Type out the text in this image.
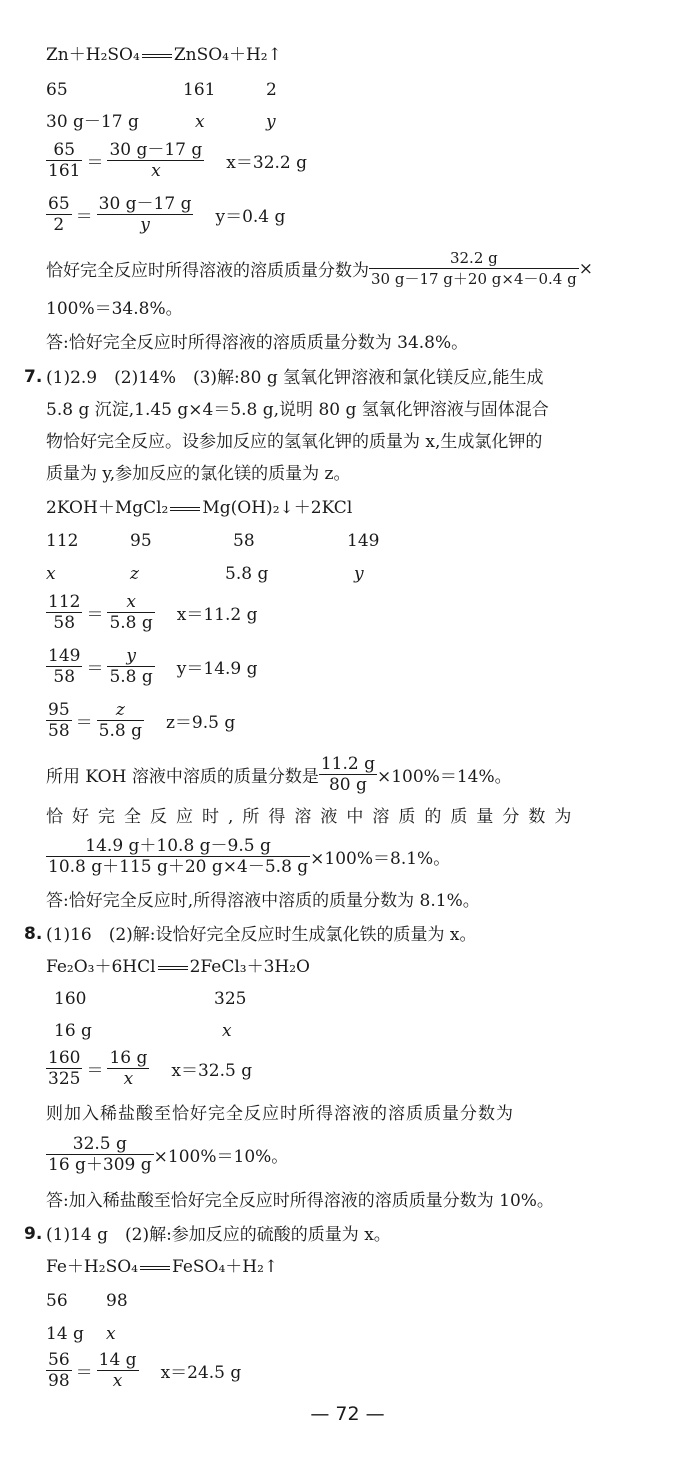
Zn＋H₂SO₄ ZnSO₄＋H₂↑
65	161	2
30 g－17 g	x	y
$\frac{65}{161} = \frac{30 g-17 g}{x} x=32.2$ g
$\frac{65}{2} = \frac{30 g-17 g}{y} y=0.4$ g
恰好完全反应时所得溶液的溶质质量分数为 $\frac{32.2 g}{30 g-17 g+20 g\times 4-0.4 g}$ ×
100%＝34.8%。
答:恰好完全反应时所得溶液的溶质质量分数为 34.8%。
7. (1)2.9　(2)14%　(3)解:80 g 氢氧化钾溶液和氯化镁反应,能生成
5.8 g 沉淀,1.45 g×4＝5.8 g,说明 80 g 氢氧化钾溶液与固体混合
物恰好完全反应。设参加反应的氢氧化钾的质量为 x,生成氯化钾的
质量为 y,参加反应的氯化镁的质量为 z。
2KOH＋MgCl₂ Mg(OH)₂↓＋2KCl
112	95	58	149
x	z	5.8 g	y
$\frac{112}{58} = \frac{x}{5.8 g} x=11.2$ g
$\frac{149}{58} = \frac{y}{5.8 g} y=14.9$ g
$\frac{95}{58} = \frac{z}{5.8 g} z=9.5$ g
所用 KOH 溶液中溶质的质量分数是 $\frac{11.2 g}{80 g} \times 100\%=14\%$。
恰好完全反应时,所得溶液中溶质的质量分数为
$\frac{14.9 g+10.8 g-9.5 g}{10.8 g+115 g+20 g\times 4-5.8 g} \times 100\%=8.1\%$。
答:恰好完全反应时,所得溶液中溶质的质量分数为 8.1%。
8. (1)16　(2)解:设恰好完全反应时生成氯化铁的质量为 x。
Fe₂O₃＋6HCl 2FeCl₃＋3H₂O
160	325
16 g	x
$\frac{160}{325} = \frac{16 g}{x} x=32.5$ g
则加入稀盐酸至恰好完全反应时所得溶液的溶质质量分数为
$\frac{32.5 g}{16 g+309 g} \times 100\%=10\%$。
答:加入稀盐酸至恰好完全反应时所得溶液的溶质质量分数为 10%。
9. (1)14 g　(2)解:参加反应的硫酸的质量为 x。
Fe＋H₂SO₄ FeSO₄＋H₂↑
56 98
14 g x
$\frac{56}{98} = \frac{14 g}{x} x=24.5$ g
— 72 —
